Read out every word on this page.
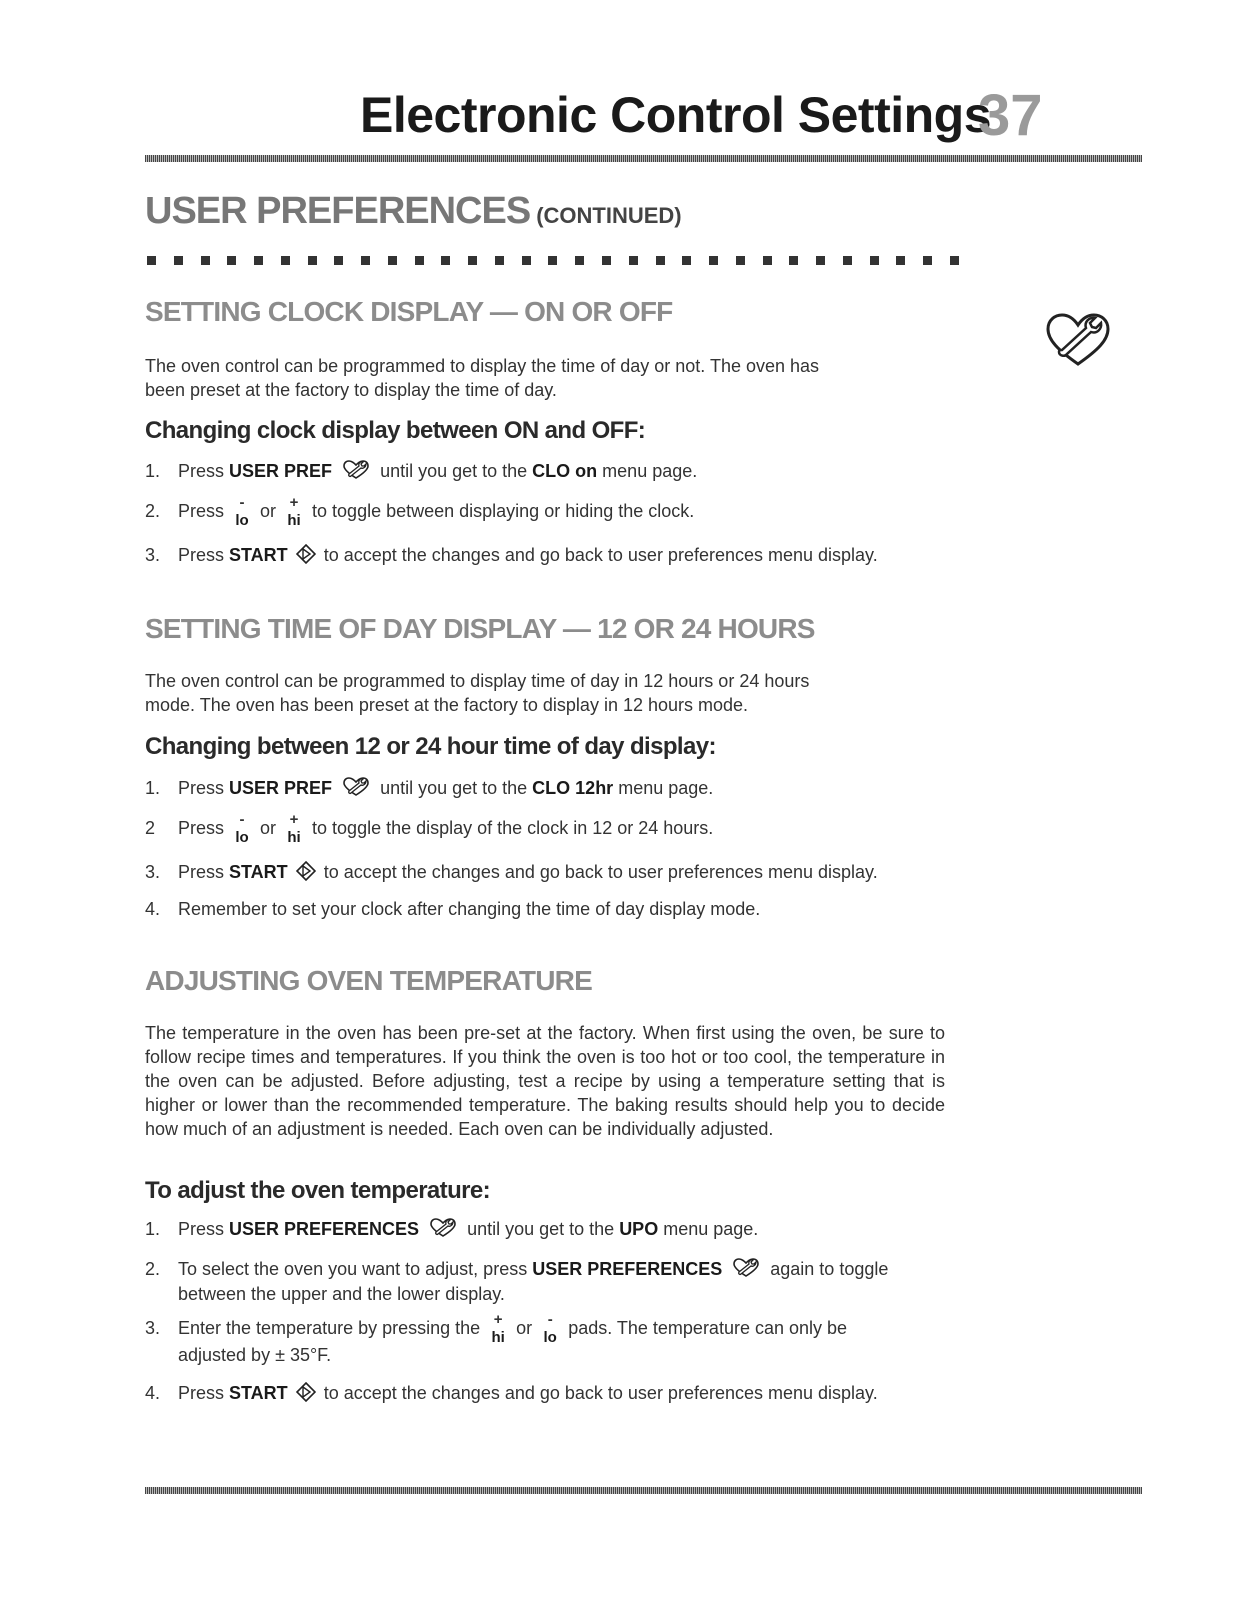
Electronic Control Settings
37
USER PREFERENCES (CONTINUED)
SETTING CLOCK DISPLAY — ON OR OFF

The oven control can be programmed to display the time of day or not. The oven has
been preset at the factory to display the time of day.

Changing clock display between ON and OFF:
1. Press USER PREF
until you get to the CLO on menu page.
2. Press -
lo or +
hi to toggle between displaying or hiding the clock.
3. Press START
to accept the changes and go back to user preferences menu display.
SETTING TIME OF DAY DISPLAY — 12 OR 24 HOURS

The oven control can be programmed to display time of day in 12 hours or 24 hours
mode. The oven has been preset at the factory to display in 12 hours mode.

Changing between 12 or 24 hour time of day display:
1. Press USER PREF
until you get to the CLO 12hr menu page.
2 Press -
lo or +
hi to toggle the display of the clock in 12 or 24 hours.
3. Press START
to accept the changes and go back to user preferences menu display.
4. Remember to set your clock after changing the time of day display mode.
ADJUSTING OVEN TEMPERATURE

The temperature in the oven has been pre-set at the factory. When first using the oven, be sure to follow recipe times and temperatures. If you think the oven is too hot or too cool, the temperature in the oven can be adjusted. Before adjusting, test a recipe by using a temperature setting that is higher or lower than the recommended temperature. The baking results should help you to decide how much of an adjustment is needed. Each oven can be individually adjusted.

To adjust the oven temperature:
1. Press USER PREFERENCES
until you get to the UPO menu page.
2. To select the oven you want to adjust, press USER PREFERENCES
again to toggle
between the upper and the lower display.
3. Enter the temperature by pressing the +
hi or -
lo pads. The temperature can only be
adjusted by ± 35°F.
4. Press START
to accept the changes and go back to user preferences menu display.
